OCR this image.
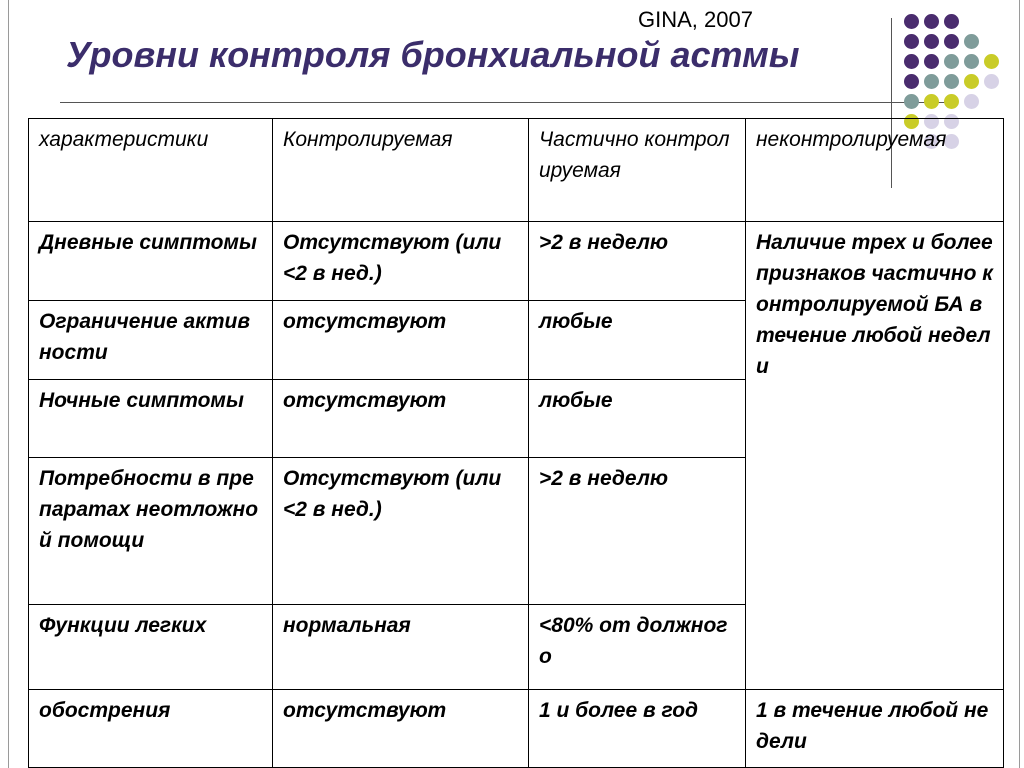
GINA, 2007
Уровни контроля бронхиальной астмы
характеристики	Контролируемая	Частично контролируемая	неконтролируемая
Дневные симптомы	Отсутствуют (или <2 в нед.)	>2 в неделю	Наличие трех и более признаков частично контролируемой БА в течение любой недели
Ограничение активности	отсутствуют	любые	
Ночные симптомы	отсутствуют	любые	
Потребности в препаратах неотложной помощи	Отсутствуют (или <2 в нед.)	>2 в неделю	
Функции легких	нормальная	<80% от должного	
обострения	отсутствуют	1 и более в год	1 в течение любой недели
